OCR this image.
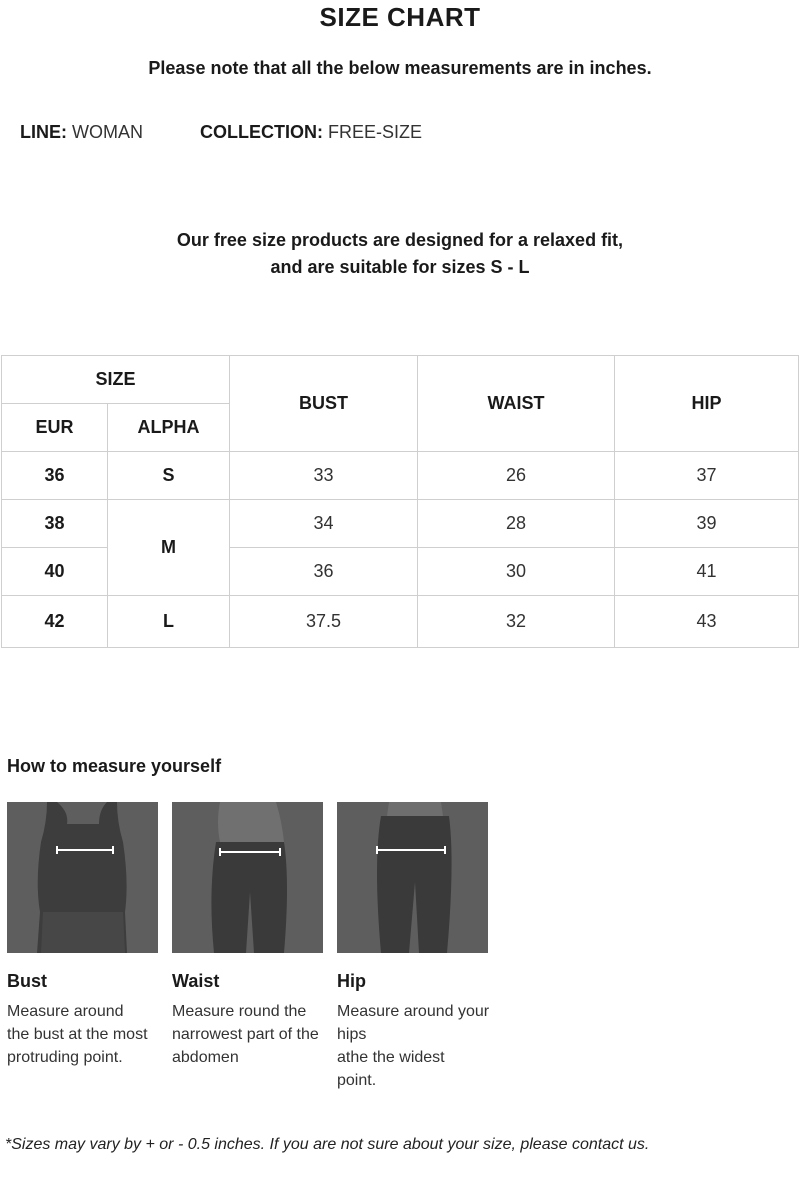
SIZE CHART
Please note that all the below measurements are in inches.
LINE: WOMAN	COLLECTION: FREE-SIZE
Our free size products are designed for a relaxed fit,
and are suitable for sizes S - L
SIZE		BUST	WAIST	HIP
EUR	ALPHA			
36	S	33	26	37
38	M	34	28	39
40		36	30	41
42	L	37.5	32	43
How to measure yourself
Bust
Measure around
the bust at the most
protruding point.
Waist
Measure round the
narrowest part of the
abdomen
Hip
Measure around your hips
athe the widest
point.
*Sizes may vary by + or - 0.5 inches. If you are not sure about your size, please contact us.
